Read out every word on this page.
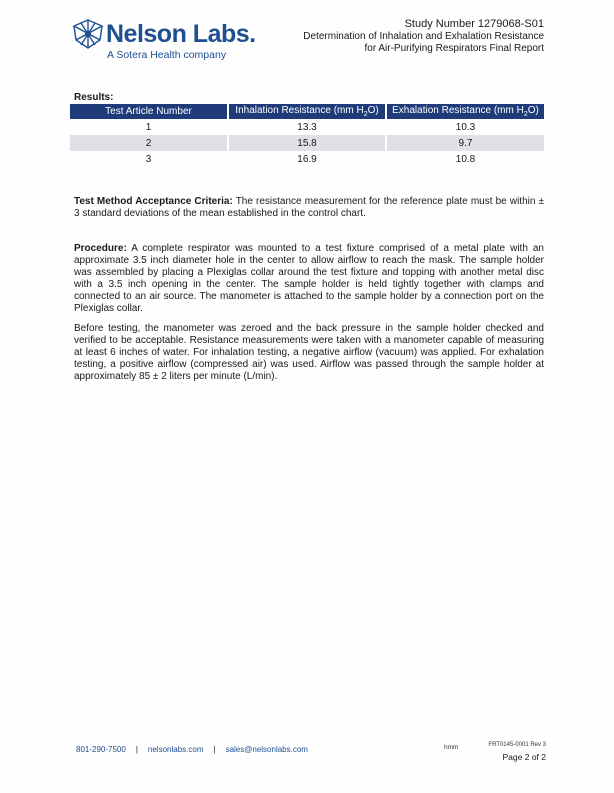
Nelson Labs.
A Sotera Health company
Study Number 1279068-S01
Determination of Inhalation and Exhalation Resistance
for Air-Purifying Respirators Final Report
Results:
Test Article Number	Inhalation Resistance (mm $H_2O$)	Exhalation Resistance (mm $H_2O$)
1	13.3	10.3
2	15.8	9.7
3	16.9	10.8

Test Method Acceptance Criteria: The resistance measurement for the reference plate must be within ± 3 standard deviations of the mean established in the control chart.

Procedure: A complete respirator was mounted to a test fixture comprised of a metal plate with an approximate 3.5 inch diameter hole in the center to allow airflow to reach the mask. The sample holder was assembled by placing a Plexiglas collar around the test fixture and topping with another metal disc with a 3.5 inch opening in the center. The sample holder is held tightly together with clamps and connected to an air source. The manometer is attached to the sample holder by a connection port on the Plexiglas collar.

Before testing, the manometer was zeroed and the back pressure in the sample holder checked and verified to be acceptable. Resistance measurements were taken with a manometer capable of measuring at least 6 inches of water. For inhalation testing, a negative airflow (vacuum) was applied. For exhalation testing, a positive airflow (compressed air) was used. Airflow was passed through the sample holder at approximately 85 ± 2 liters per minute (L/min).

801-290-7500 | nelsonlabs.com | sales@nelsonlabs.com	hmm	FRT0145-0001 Rev 3
Page 2 of 2
